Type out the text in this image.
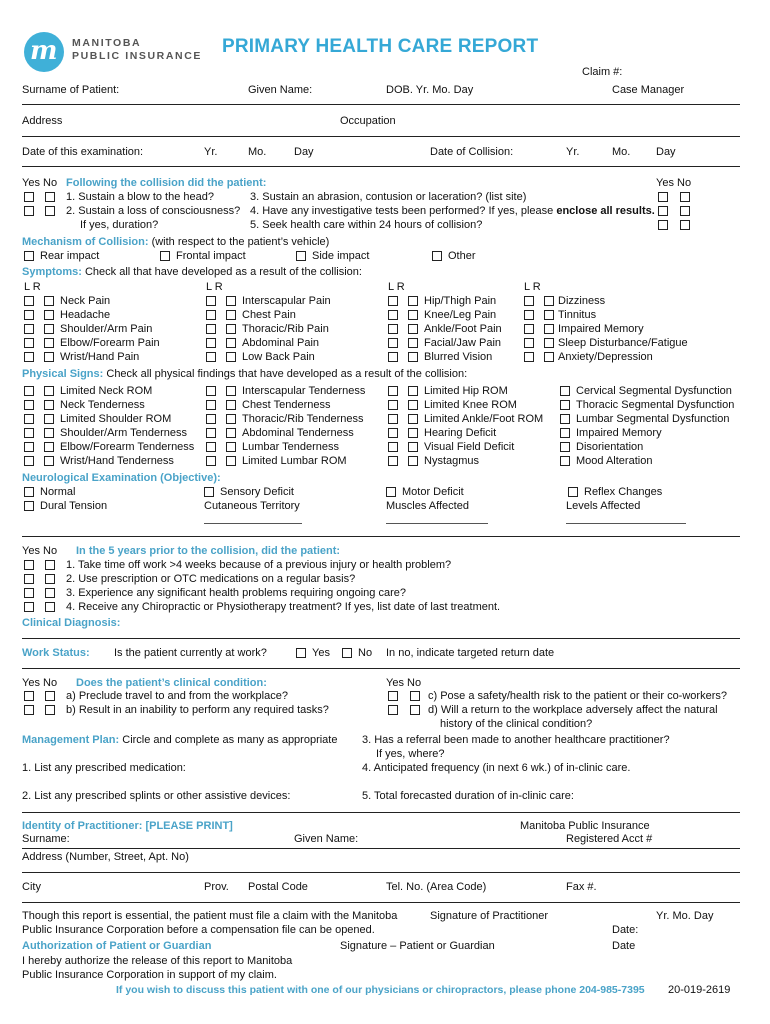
m MANITOBA
PUBLIC INSURANCE PRIMARY HEALTH CARE REPORT
Claim #:
Surname of Patient:	Given Name:	DOB. Yr. Mo. Day	Case Manager
Address	Occupation
Date of this examination:	Yr.	Mo.	Day	Date of Collision:	Yr.	Mo. Day
Yes No Following the collision did the patient:	Yes No
1. Sustain a blow to the head?
2. Sustain a loss of consciousness?
If yes, duration?
3. Sustain an abrasion, contusion or laceration? (list site)
4. Have any investigative tests been performed? If yes, please enclose all results.
5. Seek health care within 24 hours of collision?
Mechanism of Collision: (with respect to the patient’s vehicle)
Rear impact	Frontal impact	Side impact	Other
Symptoms: Check all that have developed as a result of the collision:
L R	L R	L R	L R
Neck Pain
Headache
Shoulder/Arm Pain
Elbow/Forearm Pain
Wrist/Hand Pain
Interscapular Pain
Chest Pain
Thoracic/Rib Pain
Abdominal Pain
Low Back Pain
Hip/Thigh Pain
Knee/Leg Pain
Ankle/Foot Pain
Facial/Jaw Pain
Blurred Vision
Dizziness
Tinnitus
Impaired Memory
Sleep Disturbance/Fatigue
Anxiety/Depression
Physical Signs: Check all physical findings that have developed as a result of the collision:
Limited Neck ROM
Neck Tenderness
Limited Shoulder ROM
Shoulder/Arm Tenderness
Elbow/Forearm Tenderness
Wrist/Hand Tenderness
Interscapular Tenderness
Chest Tenderness
Thoracic/Rib Tenderness
Abdominal Tenderness
Lumbar Tenderness
Limited Lumbar ROM
Limited Hip ROM
Limited Knee ROM
Limited Ankle/Foot ROM
Hearing Deficit
Visual Field Deficit
Nystagmus
Cervical Segmental Dysfunction
Thoracic Segmental Dysfunction
Lumbar Segmental Dysfunction
Impaired Memory
Disorientation
Mood Alteration
Neurological Examination (Objective):
Normal
Dural Tension
Sensory Deficit
Cutaneous Territory
Motor Deficit
Muscles Affected
Reflex Changes
Levels Affected
Yes No In the 5 years prior to the collision, did the patient:
1. Take time off work >4 weeks because of a previous injury or health problem?
2. Use prescription or OTC medications on a regular basis?
3. Experience any significant health problems requiring ongoing care?
4. Receive any Chiropractic or Physiotherapy treatment? If yes, list date of last treatment.
Clinical Diagnosis:
Work Status: Is the patient currently at work?	Yes	No In no, indicate targeted return date
Yes No Does the patient’s clinical condition:
a) Preclude travel to and from the workplace?
b) Result in an inability to perform any required tasks?
Yes No
c) Pose a safety/health risk to the patient or their co-workers?
d) Will a return to the workplace adversely affect the natural
history of the clinical condition?
Management Plan: Circle and complete as many as appropriate 3. Has a referral been made to another healthcare practitioner?
If yes, where?
1. List any prescribed medication:	4. Anticipated frequency (in next 6 wk.) of in-clinic care.
2. List any prescribed splints or other assistive devices:	5. Total forecasted duration of in-clinic care:
Identity of Practitioner: [PLEASE PRINT]
Surname:	Given Name:
Manitoba Public Insurance
Registered Acct #
Address (Number, Street, Apt. No)
City	Prov. Postal Code	Tel. No. (Area Code)	Fax #.
Though this report is essential, the patient must file a claim with the Manitoba
Public Insurance Corporation before a compensation file can be opened.
Signature of Practitioner	Yr. Mo. Day
Date:
Authorization of Patient or Guardian	Signature – Patient or Guardian	Date
I hereby authorize the release of this report to Manitoba
Public Insurance Corporation in support of my claim.
If you wish to discuss this patient with one of our physicians or chiropractors, please phone 204-985-7395 20-019-2619
